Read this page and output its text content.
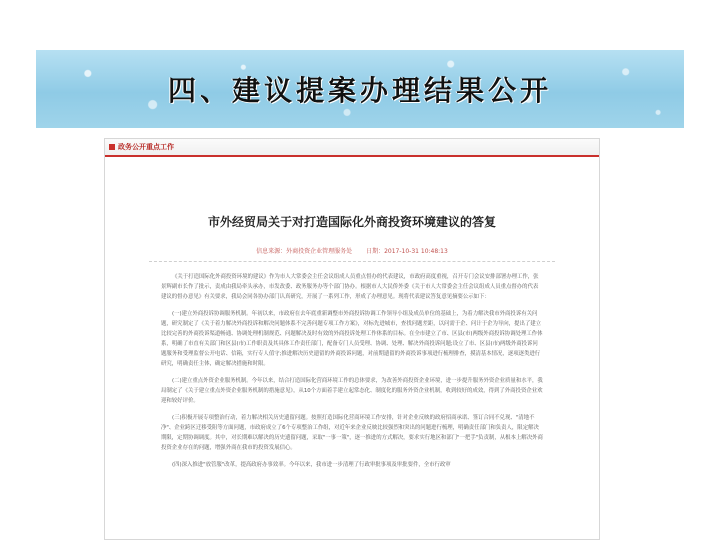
四、建议提案办理结果公开
政务公开重点工作
市外经贸局关于对打造国际化外商投资环境建议的答复
信息来源：外商投资企业管理服务处 日期：2017-10-31 10:48:13

《关于打造国际化外商投资环境的建议》作为市人大常委会主任会议组成人员重点督办的代表建议，市政府高度重视，召开专门会议安排部署办理工作，张景辉副市长作了批示，责成由我局牵头承办，市发改委、政务服务办等个部门协办。根据市人大民侨外委《关于市人大常委会主任会议组成人员重点督办的代表建议的督办意见》有关要求，我局会同各协办部门认真研究，开展了一系列工作，形成了办理意见。现将代表建议答复意见摘要公示如下：

(一)建立外商投诉协调服务机制。年初以来，市政府在去年底重新调整市外商投诉协调工作领导小组及成员单位的基础上，为着力解决我市外商投诉有关问题，研究制定了《关于着力解决外商投诉和解决问题体系不完善问题专项工作方案》，对标先进城市，查找问题差距，以问需于企、问计于企为导向，提出了建立比较完善的外商投诉渠道畅通、协调处理机制规范、问题解决及时有效的外商投诉处理工作体系的目标。在全市建立了市、区县(市)两级外商投诉协调处理工作体系，明确了市直有关部门和区县(市)工作职责及其具体工作责任部门，配备专门人员受理、协调、处理、解决外商投诉问题;设立了市、区县(市)两级外商投诉问题服务和受理监督公开电话、信箱，实行专人值守;推进解决历史遗留的外商投诉问题，对前期遗留的外商投诉事项进行梳理排查，摸清基本情况，逐项逐类进行研究，明确责任主体，确定解决措施和时限。

(二)建立重点外资企业服务机制。今年以来，结合打造国际化营商环境工作的总体要求，为改善外商投资企业环境，进一步提升服务外资企业质量和水平，我局制定了《关于建立重点外资企业服务机制的措施意见》，从10个方面着手建立起常态化、制度化的服务外资企业机制，收到较好的成效，得到了外商投资企业欢迎和较好评价。

(三)积极开展专项整治行动，着力解决相关历史遗留问题。按照打造国际化营商环境工作安排，针对企业反映的政府招商承诺、签订合同不兑现、"清地不净"、企业跨区迁移受阻等方面问题，市政府成立了6个专项整治工作组，对近年来企业反映比较强烈和突出的问题进行梳理，明确责任部门和负责人，限定解决期限，定期协调调度。其中，对长期难以解决的历史遗留问题，采取"一事一策"，逐一推进的方式解决，要求实行地区和部门"一把手"负责制，从根本上解决外商投资企业存在的问题，增强外商在我市的投资发展信心。

(四)深入推进"放管服"改革，提高政府办事效率。今年以来，我市进一步清理了行政审批事项及审批要件，全市行政审
